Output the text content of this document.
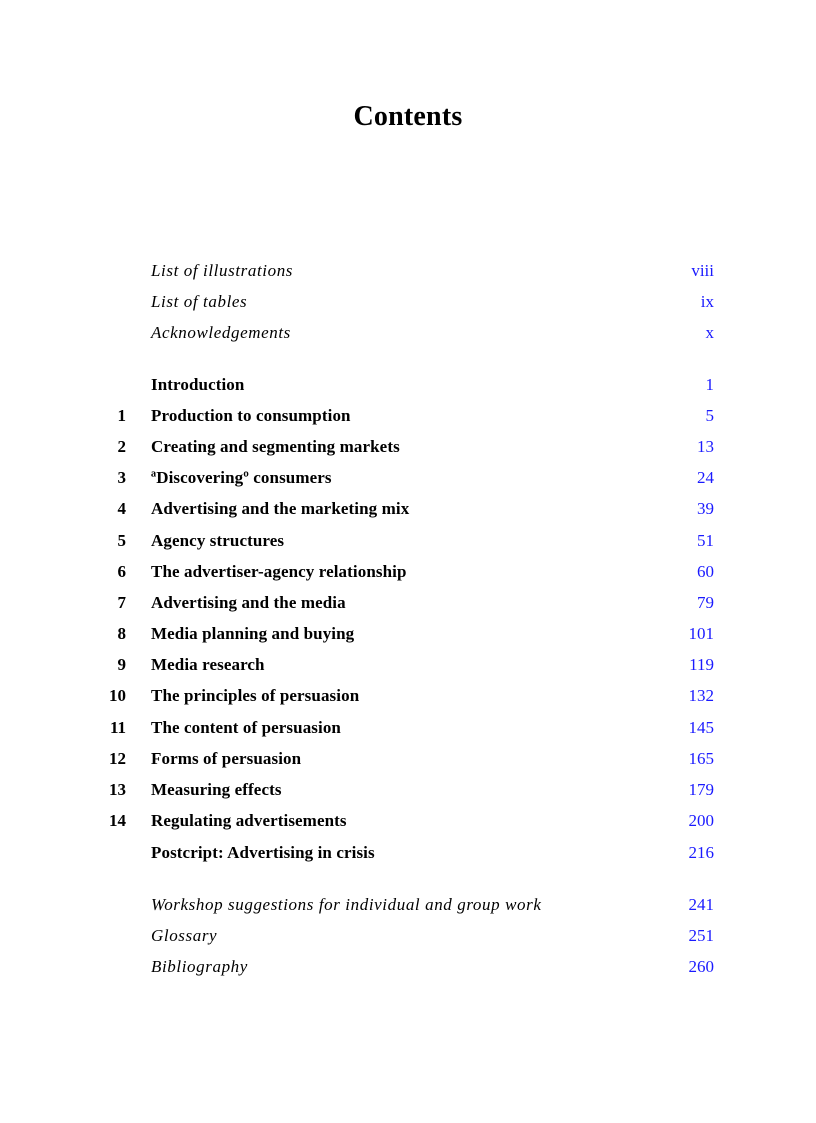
Contents
List of illustrations	viii
List of tables	ix
Acknowledgements	x
Introduction	1
1 Production to consumption	5
2 Creating and segmenting markets	13
3 ªDiscoveringº consumers	24
4 Advertising and the marketing mix	39
5 Agency structures	51
6 The advertiser-agency relationship	60
7 Advertising and the media	79
8 Media planning and buying	101
9 Media research	119
10 The principles of persuasion	132
11 The content of persuasion	145
12 Forms of persuasion	165
13 Measuring effects	179
14 Regulating advertisements	200
Postcript: Advertising in crisis	216
Workshop suggestions for individual and group work	241
Glossary	251
Bibliography	260
